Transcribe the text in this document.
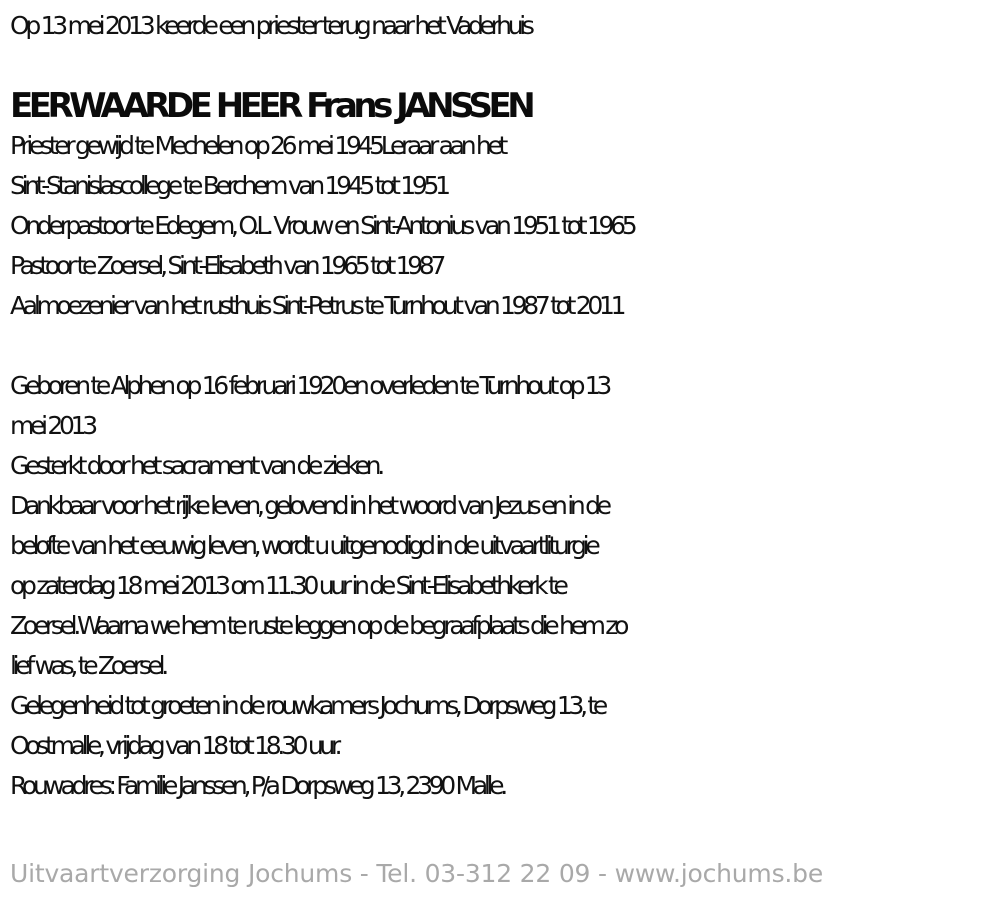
Op 13 mei 2013 keerde een priester terug naar het Vaderhuis
EERWAARDE HEER Frans JANSSEN
Priester gewijd te Mechelen op 26 mei 1945Leraar aan het
Sint-Stanislascollege te Berchem van 1945 tot 1951
Onderpastoor te Edegem, O.L. Vrouw en Sint-Antonius van 1951 tot 1965
Pastoor te Zoersel, Sint-Elisabeth van 1965 tot 1987
Aalmoezenier van het rusthuis Sint-Petrus te Turnhout van 1987 tot 2011
Geboren te Alphen op 16 februari 1920en overleden te Turnhout op 13
mei 2013
Gesterkt door het sacrament van de zieken.
Dankbaar voor het rijke leven, gelovend in het woord van Jezus en in de
belofte van het eeuwig leven, wordt u uitgenodigd in de uitvaartliturgie
op zaterdag 18 mei 2013 om 11.30 uur in de Sint-Elisabethkerk te
Zoersel.Waarna we hem te ruste leggen op de begraafplaats die hem zo
lief was, te Zoersel.
Gelegenheid tot groeten in de rouwkamers Jochums, Dorpsweg 13, te
Oostmalle, vrijdag van 18 tot 18.30 uur.
Rouwadres: Familie Janssen, P/a Dorpsweg 13, 2390 Malle.
Uitvaartverzorging Jochums - Tel. 03-312 22 09 - www.jochums.be
